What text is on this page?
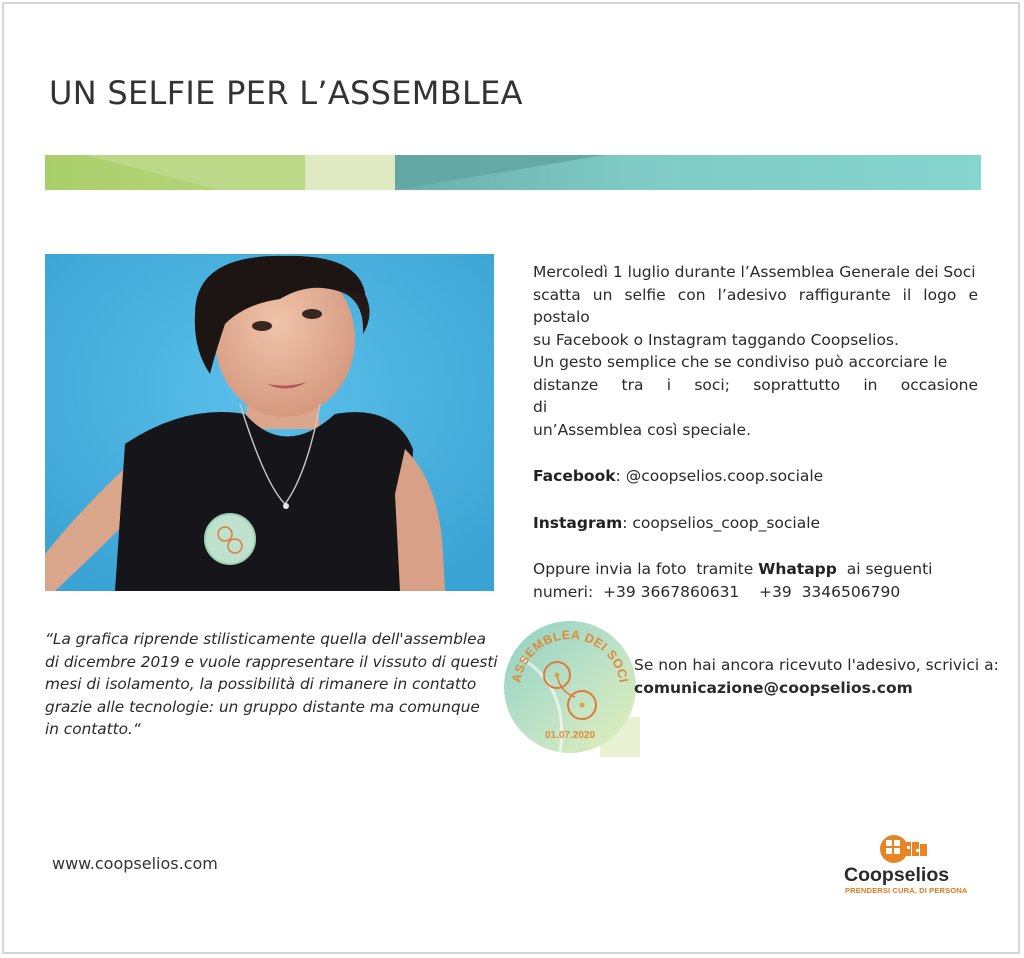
UN SELFIE PER L’ASSEMBLEA

Mercoledì 1 luglio durante l’Assemblea Generale dei Soci

scatta un selfie con l’adesivo raffigurante il logo e postalo

su Facebook o Instagram taggando Coopselios.

Un gesto semplice che se condiviso può accorciare le

distanze tra i soci; soprattutto in occasione di

un’Assemblea così speciale.

Facebook: @coopselios.coop.sociale
Instagram: coopselios_coop_sociale
Oppure invia la foto  tramite Whatapp  ai seguenti
numeri:  +39 3667860631    +39  3346506790
“La grafica riprende stilisticamente quella dell'assemblea
di dicembre 2019 e vuole rappresentare il vissuto di questi
mesi di isolamento, la possibilità di rimanere in contatto
grazie alle tecnologie: un gruppo distante ma comunque
in contatto.“
ASSEMBLEA DEI SOCI
01.07.2020
Se non hai ancora ricevuto l'adesivo, scrivici a:
comunicazione@coopselios.com
www.coopselios.com
Coopselios
PRENDERSI CURA, DI PERSONA
